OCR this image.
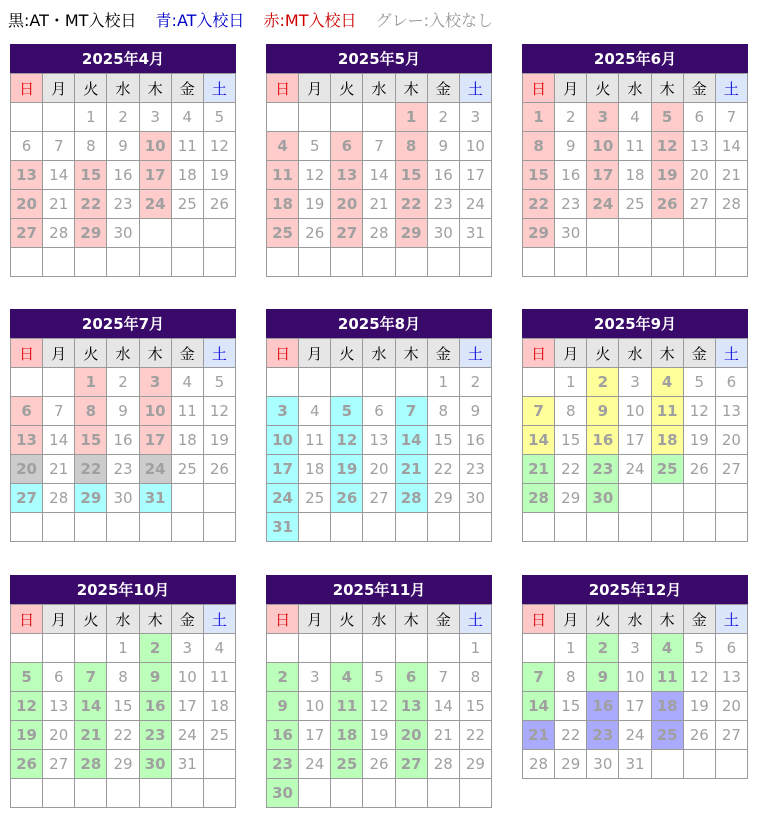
黒:AT・MT入校日 青:AT入校日 赤:MT入校日 グレー:入校なし
2025年4月
日	月	火	水	木	金	土
		1	2	3	4	5
6	7	8	9	10	11	12
13	14	15	16	17	18	19
20	21	22	23	24	25	26
27	28	29	30			

2025年5月
日	月	火	水	木	金	土
				1	2	3
4	5	6	7	8	9	10
11	12	13	14	15	16	17
18	19	20	21	22	23	24
25	26	27	28	29	30	31

2025年6月
日	月	火	水	木	金	土
1	2	3	4	5	6	7
8	9	10	11	12	13	14
15	16	17	18	19	20	21
22	23	24	25	26	27	28
29	30					

2025年7月
日	月	火	水	木	金	土
		1	2	3	4	5
6	7	8	9	10	11	12
13	14	15	16	17	18	19
20	21	22	23	24	25	26
27	28	29	30	31		

2025年8月
日	月	火	水	木	金	土
					1	2
3	4	5	6	7	8	9
10	11	12	13	14	15	16
17	18	19	20	21	22	23
24	25	26	27	28	29	30
31						
2025年9月
日	月	火	水	木	金	土
	1	2	3	4	5	6
7	8	9	10	11	12	13
14	15	16	17	18	19	20
21	22	23	24	25	26	27
28	29	30				

2025年10月
日	月	火	水	木	金	土
			1	2	3	4
5	6	7	8	9	10	11
12	13	14	15	16	17	18
19	20	21	22	23	24	25
26	27	28	29	30	31	

2025年11月
日	月	火	水	木	金	土
						1
2	3	4	5	6	7	8
9	10	11	12	13	14	15
16	17	18	19	20	21	22
23	24	25	26	27	28	29
30						
2025年12月
日	月	火	水	木	金	土
	1	2	3	4	5	6
7	8	9	10	11	12	13
14	15	16	17	18	19	20
21	22	23	24	25	26	27
28	29	30	31			
